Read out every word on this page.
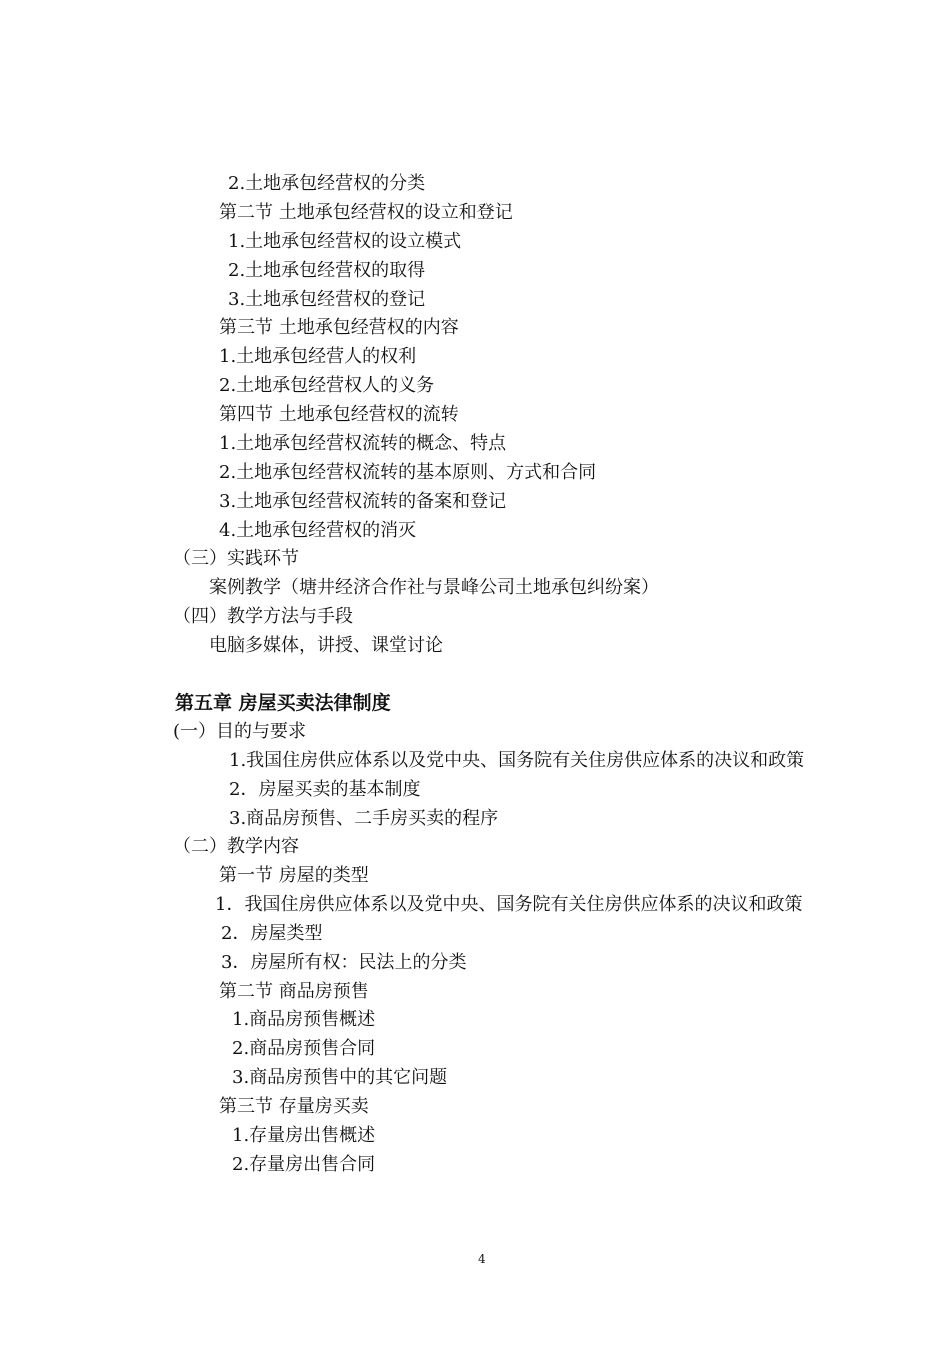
2.土地承包经营权的分类
第二节 土地承包经营权的设立和登记
1.土地承包经营权的设立模式
2.土地承包经营权的取得
3.土地承包经营权的登记
第三节 土地承包经营权的内容
1.土地承包经营人的权利
2.土地承包经营权人的义务
第四节 土地承包经营权的流转
1.土地承包经营权流转的概念、特点
2.土地承包经营权流转的基本原则、方式和合同
3.土地承包经营权流转的备案和登记
4.土地承包经营权的消灭
（三）实践环节
案例教学（塘井经济合作社与景峰公司土地承包纠纷案）
（四）教学方法与手段
电脑多媒体，讲授、课堂讨论
第五章 房屋买卖法律制度
(一）目的与要求
1.我国住房供应体系以及党中央、国务院有关住房供应体系的决议和政策
2．房屋买卖的基本制度
3.商品房预售、二手房买卖的程序
（二）教学内容
第一节 房屋的类型
1．我国住房供应体系以及党中央、国务院有关住房供应体系的决议和政策
2．房屋类型
3．房屋所有权：民法上的分类
第二节 商品房预售
1.商品房预售概述
2.商品房预售合同
3.商品房预售中的其它问题
第三节 存量房买卖
1.存量房出售概述
2.存量房出售合同
4
